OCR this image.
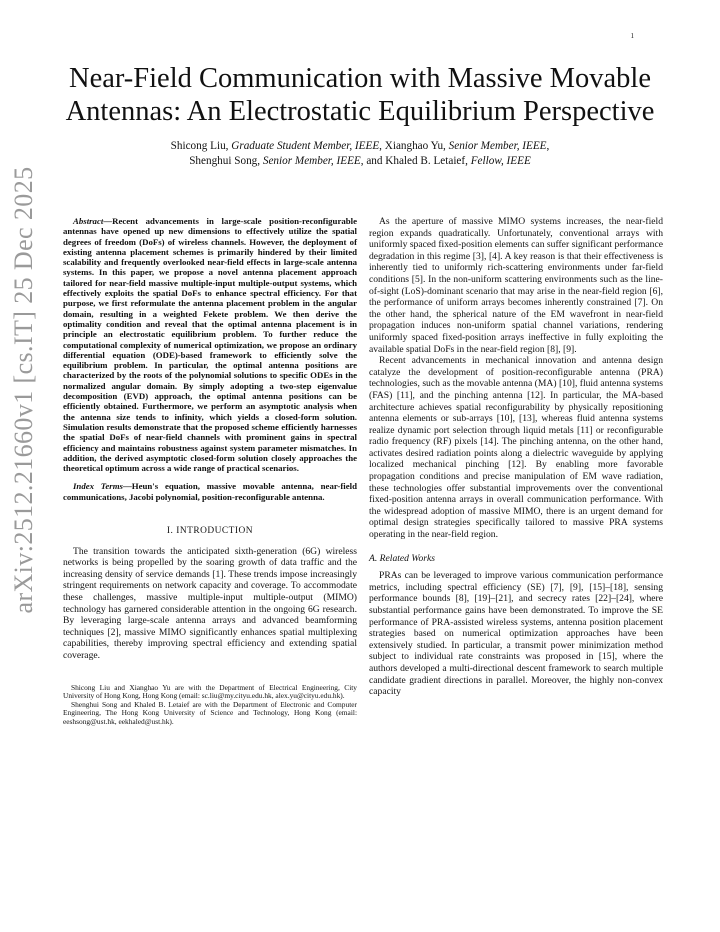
1
arXiv:2512.21660v1 [cs.IT] 25 Dec 2025
Near-Field Communication with Massive Movable
Antennas: An Electrostatic Equilibrium Perspective
Shicong Liu, Graduate Student Member, IEEE, Xianghao Yu, Senior Member, IEEE,
Shenghui Song, Senior Member, IEEE, and Khaled B. Letaief, Fellow, IEEE

Abstract—Recent advancements in large-scale position-reconfigurable antennas have opened up new dimensions to effectively utilize the spatial degrees of freedom (DoFs) of wireless channels. However, the deployment of existing antenna placement schemes is primarily hindered by their limited scalability and frequently overlooked near-field effects in large-scale antenna systems. In this paper, we propose a novel antenna placement approach tailored for near-field massive multiple-input multiple-output systems, which effectively exploits the spatial DoFs to enhance spectral efficiency. For that purpose, we first reformulate the antenna placement problem in the angular domain, resulting in a weighted Fekete problem. We then derive the optimality condition and reveal that the optimal antenna placement is in principle an electrostatic equilibrium problem. To further reduce the computational complexity of numerical optimization, we propose an ordinary differential equation (ODE)-based framework to efficiently solve the equilibrium problem. In particular, the optimal antenna positions are characterized by the roots of the polynomial solutions to specific ODEs in the normalized angular domain. By simply adopting a two-step eigenvalue decomposition (EVD) approach, the optimal antenna positions can be efficiently obtained. Furthermore, we perform an asymptotic analysis when the antenna size tends to infinity, which yields a closed-form solution. Simulation results demonstrate that the proposed scheme efficiently harnesses the spatial DoFs of near-field channels with prominent gains in spectral efficiency and maintains robustness against system parameter mismatches. In addition, the derived asymptotic closed-form solution closely approaches the theoretical optimum across a wide range of practical scenarios.

Index Terms—Heun's equation, massive movable antenna, near-field communications, Jacobi polynomial, position-reconfigurable antenna.

I. INTRODUCTION

The transition towards the anticipated sixth-generation (6G) wireless networks is being propelled by the soaring growth of data traffic and the increasing density of service demands [1]. These trends impose increasingly stringent requirements on network capacity and coverage. To accommodate these challenges, massive multiple-input multiple-output (MIMO) technology has garnered considerable attention in the ongoing 6G research. By leveraging large-scale antenna arrays and advanced beamforming techniques [2], massive MIMO significantly enhances spatial multiplexing capabilities, thereby improving spectral efficiency and extending spatial coverage.

Shicong Liu and Xianghao Yu are with the Department of Electrical Engineering, City University of Hong Kong, Hong Kong (email: sc.liu@my.cityu.edu.hk, alex.yu@cityu.edu.hk).

Shenghui Song and Khaled B. Letaief are with the Department of Electronic and Computer Engineering, The Hong Kong University of Science and Technology, Hong Kong (email: eeshsong@ust.hk, eekhaled@ust.hk).

As the aperture of massive MIMO systems increases, the near-field region expands quadratically. Unfortunately, conventional arrays with uniformly spaced fixed-position elements can suffer significant performance degradation in this regime [3], [4]. A key reason is that their effectiveness is inherently tied to uniformly rich-scattering environments under far-field conditions [5]. In the non-uniform scattering environments such as the line-of-sight (LoS)-dominant scenario that may arise in the near-field region [6], the performance of uniform arrays becomes inherently constrained [7]. On the other hand, the spherical nature of the EM wavefront in near-field propagation induces non-uniform spatial channel variations, rendering uniformly spaced fixed-position arrays ineffective in fully exploiting the available spatial DoFs in the near-field region [8], [9].

Recent advancements in mechanical innovation and antenna design catalyze the development of position-reconfigurable antenna (PRA) technologies, such as the movable antenna (MA) [10], fluid antenna systems (FAS) [11], and the pinching antenna [12]. In particular, the MA-based architecture achieves spatial reconfigurability by physically repositioning antenna elements or sub-arrays [10], [13], whereas fluid antenna systems realize dynamic port selection through liquid metals [11] or reconfigurable radio frequency (RF) pixels [14]. The pinching antenna, on the other hand, activates desired radiation points along a dielectric waveguide by applying localized mechanical pinching [12]. By enabling more favorable propagation conditions and precise manipulation of EM wave radiation, these technologies offer substantial improvements over the conventional fixed-position antenna arrays in overall communication performance. With the widespread adoption of massive MIMO, there is an urgent demand for optimal design strategies specifically tailored to massive PRA systems operating in the near-field region.

A. Related Works

PRAs can be leveraged to improve various communication performance metrics, including spectral efficiency (SE) [7], [9], [15]–[18], sensing performance bounds [8], [19]–[21], and secrecy rates [22]–[24], where substantial performance gains have been demonstrated. To improve the SE performance of PRA-assisted wireless systems, antenna position placement strategies based on numerical optimization approaches have been extensively studied. In particular, a transmit power minimization method subject to individual rate constraints was proposed in [15], where the authors developed a multi-directional descent framework to search multiple candidate gradient directions in parallel. Moreover, the highly non-convex capacity
